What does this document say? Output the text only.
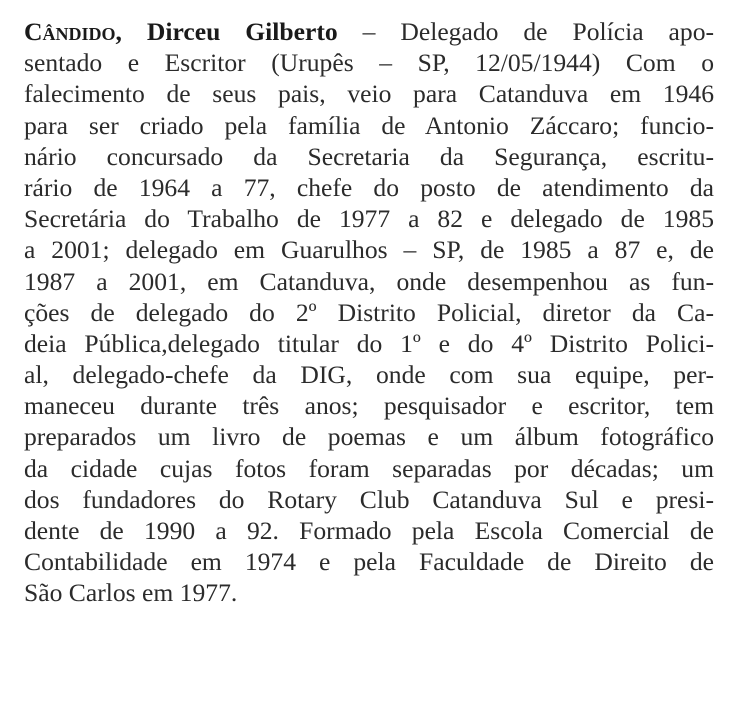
Cândido, Dirceu Gilberto – Delegado de Polícia apo-
sentado e Escritor (Urupês – SP, 12/05/1944) Com o
falecimento de seus pais, veio para Catanduva em 1946
para ser criado pela família de Antonio Záccaro; funcio-
nário concursado da Secretaria da Segurança, escritu-
rário de 1964 a 77, chefe do posto de atendimento da
Secretária do Trabalho de 1977 a 82 e delegado de 1985
a 2001; delegado em Guarulhos – SP, de 1985 a 87 e, de
1987 a 2001, em Catanduva, onde desempenhou as fun-
ções de delegado do 2º Distrito Policial, diretor da Ca-
deia Pública,delegado titular do 1º e do 4º Distrito Polici-
al, delegado-chefe da DIG, onde com sua equipe, per-
maneceu durante três anos; pesquisador e escritor, tem
preparados um livro de poemas e um álbum fotográfico
da cidade cujas fotos foram separadas por décadas; um
dos fundadores do Rotary Club Catanduva Sul e presi-
dente de 1990 a 92. Formado pela Escola Comercial de
Contabilidade em 1974 e pela Faculdade de Direito de
São Carlos em 1977.
